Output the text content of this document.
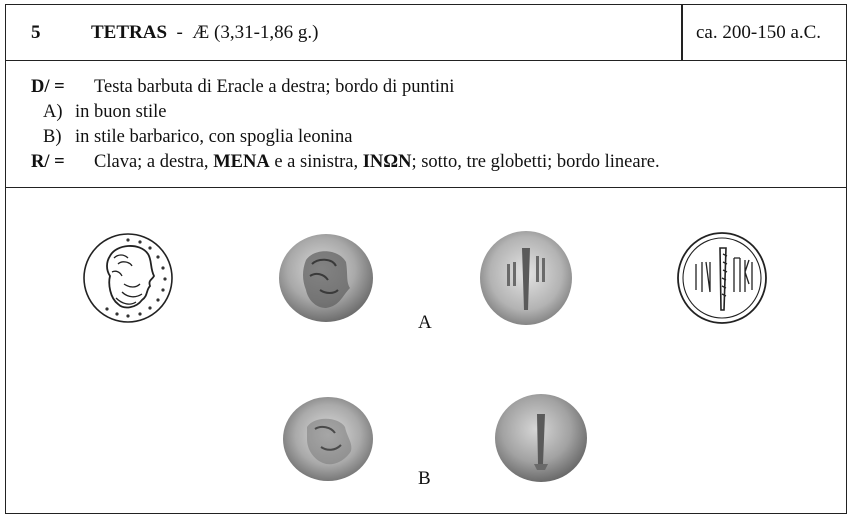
5	TETRAS - Æ (3,31-1,86 g.)	ca. 200-150 a.C.
D/ = Testa barbuta di Eracle a destra; bordo di puntini
A) in buon stile
B) in stile barbarico, con spoglia leonina
R/ = Clava; a destra, MENA e a sinistra, INΩN; sotto, tre globetti; bordo lineare.
A
B
